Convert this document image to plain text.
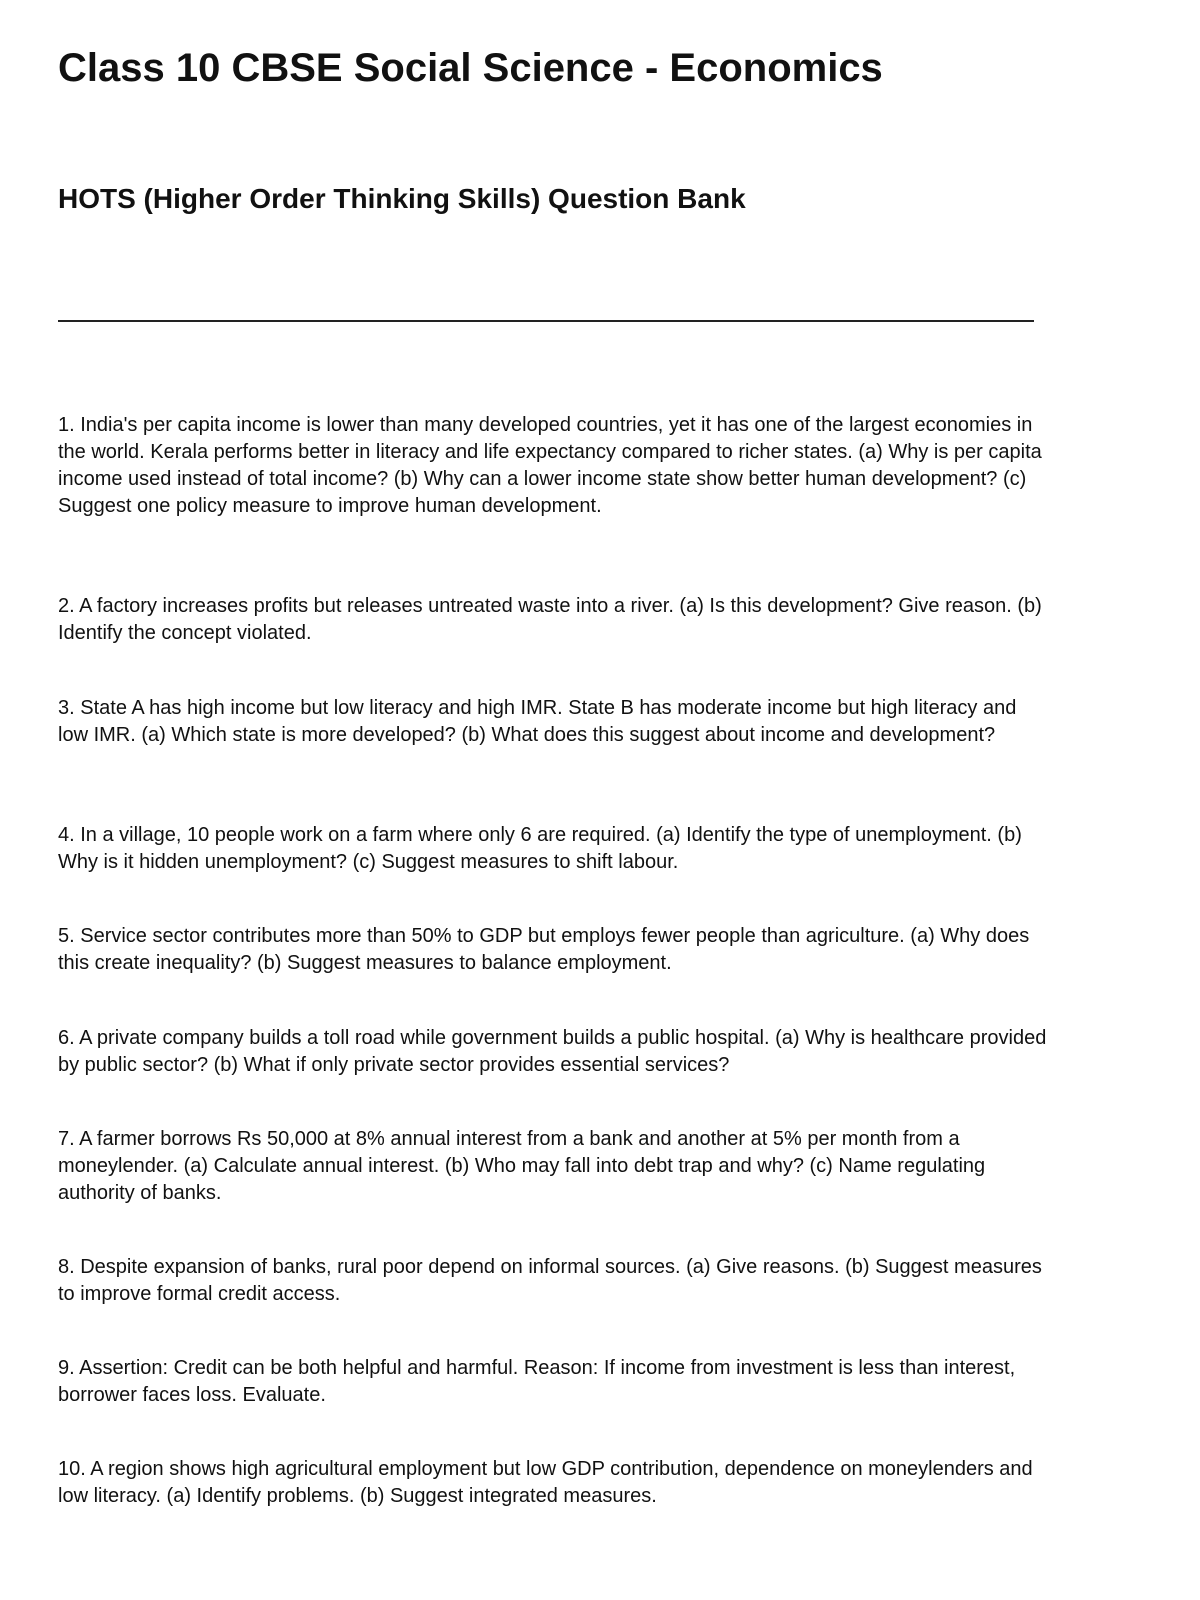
Class 10 CBSE Social Science - Economics
HOTS (Higher Order Thinking Skills) Question Bank

1. India's per capita income is lower than many developed countries, yet it has one of the largest economies in the world. Kerala performs better in literacy and life expectancy compared to richer states. (a) Why is per capita income used instead of total income? (b) Why can a lower income state show better human development? (c) Suggest one policy measure to improve human development.

2. A factory increases profits but releases untreated waste into a river. (a) Is this development? Give reason. (b) Identify the concept violated.

3. State A has high income but low literacy and high IMR. State B has moderate income but high literacy and low IMR. (a) Which state is more developed? (b) What does this suggest about income and development?

4. In a village, 10 people work on a farm where only 6 are required. (a) Identify the type of unemployment. (b) Why is it hidden unemployment? (c) Suggest measures to shift labour.

5. Service sector contributes more than 50% to GDP but employs fewer people than agriculture. (a) Why does this create inequality? (b) Suggest measures to balance employment.

6. A private company builds a toll road while government builds a public hospital. (a) Why is healthcare provided by public sector? (b) What if only private sector provides essential services?

7. A farmer borrows Rs 50,000 at 8% annual interest from a bank and another at 5% per month from a moneylender. (a) Calculate annual interest. (b) Who may fall into debt trap and why? (c) Name regulating authority of banks.

8. Despite expansion of banks, rural poor depend on informal sources. (a) Give reasons. (b) Suggest measures to improve formal credit access.

9. Assertion: Credit can be both helpful and harmful. Reason: If income from investment is less than interest, borrower faces loss. Evaluate.

10. A region shows high agricultural employment but low GDP contribution, dependence on moneylenders and low literacy. (a) Identify problems. (b) Suggest integrated measures.
